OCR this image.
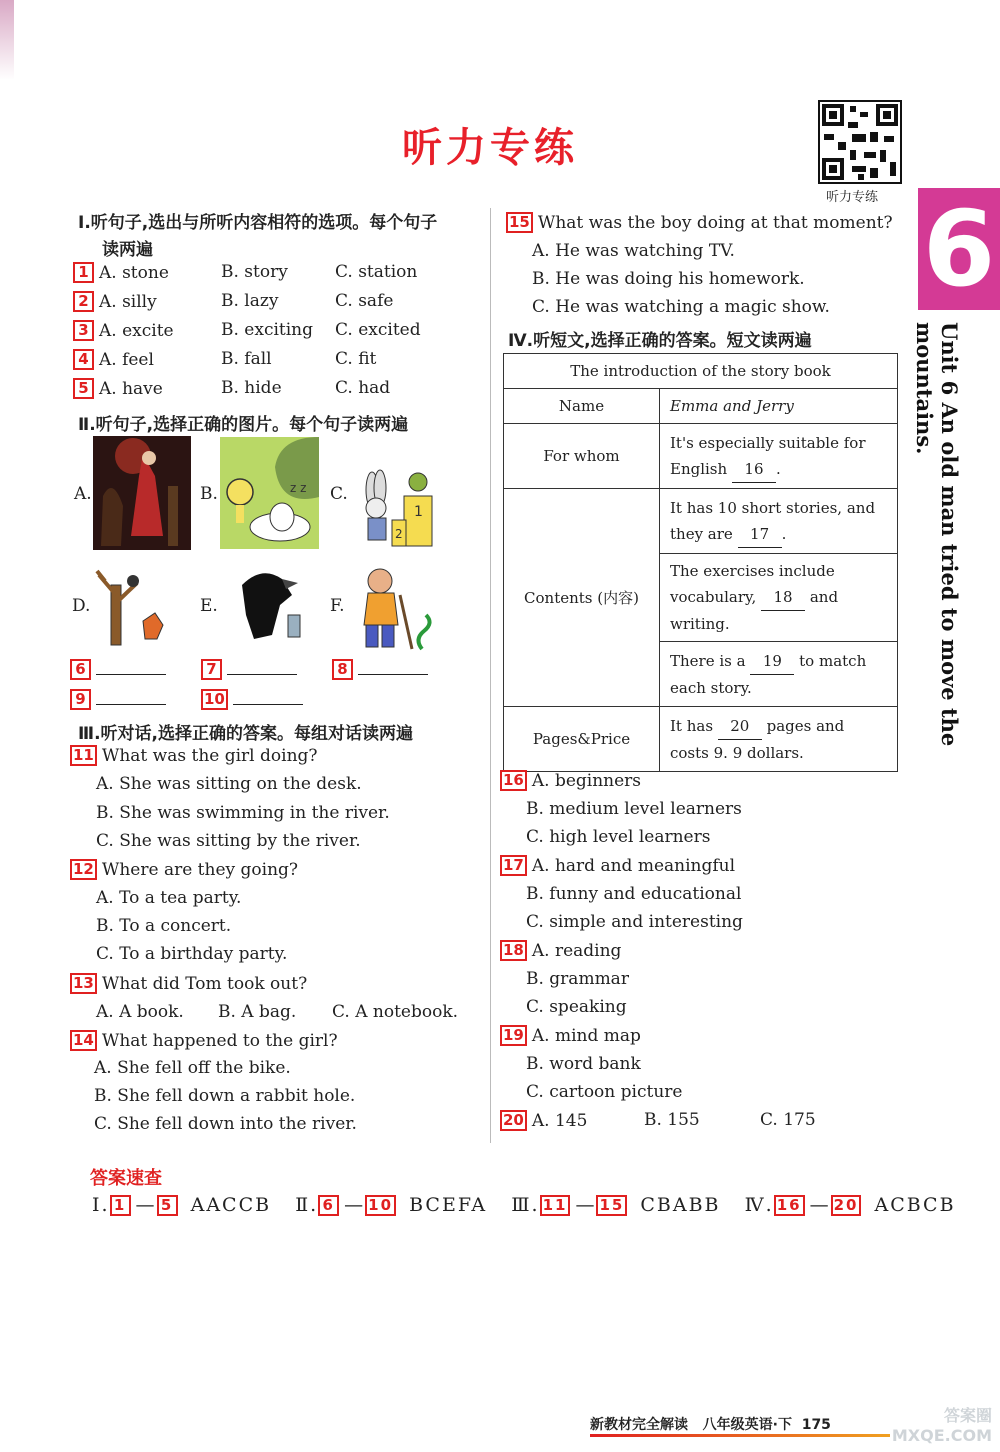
听力专练
听力专练 6
Unit 6 An old man tried to move the mountains.
Ⅰ.听句子,选出与所听内容相符的选项。每个句子
读两遍
1 A. stone	B. story	C. station
2 A. silly	B. lazy	C. safe
3 A. excite	B. exciting C. excited
4 A. feel	B. fall	C. fit
5 A. have	B. hide	C. had
Ⅱ.听句子,选择正确的图片。每个句子读两遍
A.	B.	z z C.
1
2
D.	E.	F.
6	7	8
9	10
Ⅲ.听对话,选择正确的答案。每组对话读两遍
11 What was the girl doing?
A. She was sitting on the desk.
B. She was swimming in the river.
C. She was sitting by the river.
12 Where are they going?
A. To a tea party.
B. To a concert.
C. To a birthday party.
13 What did Tom took out?
A. A book. B. A bag. C. A notebook.
14 What happened to the girl?
A. She fell off the bike.
B. She fell down a rabbit hole.
C. She fell down into the river.
15 What was the boy doing at that moment?
A. He was watching TV.
B. He was doing his homework.
C. He was watching a magic show.
Ⅳ.听短文,选择正确的答案。短文读两遍
The introduction of the story book	
Name	Emma and Jerry
For whom	It's especially suitable for English 16 .
Contents (内容)	It has 10 short stories, and they are 17 .
	The exercises include vocabulary, 18 and writing.
	There is a 19 to match each story.
Pages&Price	It has 20 pages and costs 9. 9 dollars.
16 A. beginners
B. medium level learners
C. high level learners
17 A. hard and meaningful
B. funny and educational
C. simple and interesting
18 A. reading
B. grammar
C. speaking
19 A. mind map
B. word bank
C. cartoon picture
20 A. 145	B. 155	C. 175
答案速查
Ⅰ. 1 — 5 AACCB Ⅱ. 6 — 10 BCEFA Ⅲ. 11 — 15 CBABB Ⅳ. 16 — 20 ACBCB
新教材完全解读 八年级英语·下 175	答案圈 MXQE.COM
